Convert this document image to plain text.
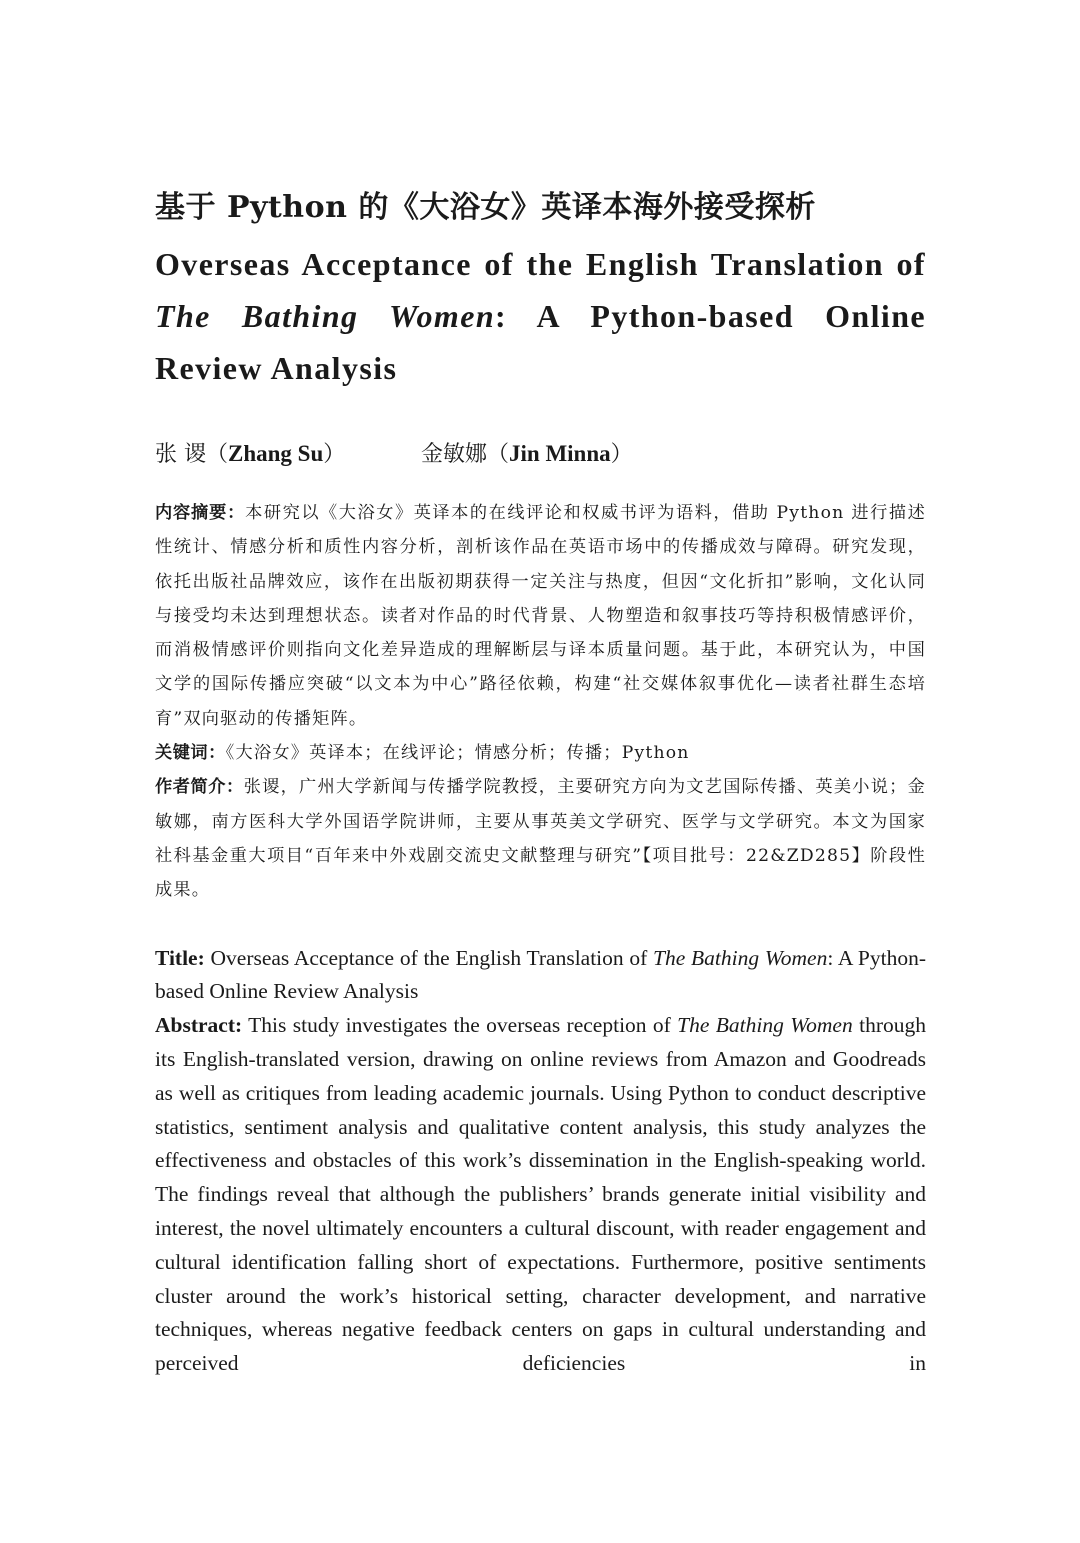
基于 Python 的《大浴女》英译本海外接受探析
Overseas Acceptance of the English Translation of The Bathing Women: A Python-based Online Review Analysis
张 谡（Zhang Su）	金敏娜（Jin Minna）

内容摘要：本研究以《大浴女》英译本的在线评论和权威书评为语料，借助 Python 进行描述性统计、情感分析和质性内容分析，剖析该作品在英语市场中的传播成效与障碍。研究发现，依托出版社品牌效应，该作在出版初期获得一定关注与热度，但因“文化折扣”影响，文化认同与接受均未达到理想状态。读者对作品的时代背景、人物塑造和叙事技巧等持积极情感评价，而消极情感评价则指向文化差异造成的理解断层与译本质量问题。基于此，本研究认为，中国文学的国际传播应突破“以文本为中心”路径依赖，构建“社交媒体叙事优化—读者社群生态培育”双向驱动的传播矩阵。

关键词：《大浴女》英译本；在线评论；情感分析；传播；Python

作者简介：张谡，广州大学新闻与传播学院教授，主要研究方向为文艺国际传播、英美小说；金敏娜，南方医科大学外国语学院讲师，主要从事英美文学研究、医学与文学研究。本文为国家社科基金重大项目“百年来中外戏剧交流史文献整理与研究”【项目批号：22&ZD285】阶段性成果。

Title: Overseas Acceptance of the English Translation of The Bathing Women: A Python-based Online Review Analysis

Abstract: This study investigates the overseas reception of The Bathing Women through its English-translated version, drawing on online reviews from Amazon and Goodreads as well as critiques from leading academic journals. Using Python to conduct descriptive statistics, sentiment analysis and qualitative content analysis, this study analyzes the effectiveness and obstacles of this work’s dissemination in the English-speaking world. The findings reveal that although the publishers’ brands generate initial visibility and interest, the novel ultimately encounters a cultural discount, with reader engagement and cultural identification falling short of expectations. Furthermore, positive sentiments cluster around the work’s historical setting, character development, and narrative techniques, whereas negative feedback centers on gaps in cultural understanding and perceived deficiencies in
